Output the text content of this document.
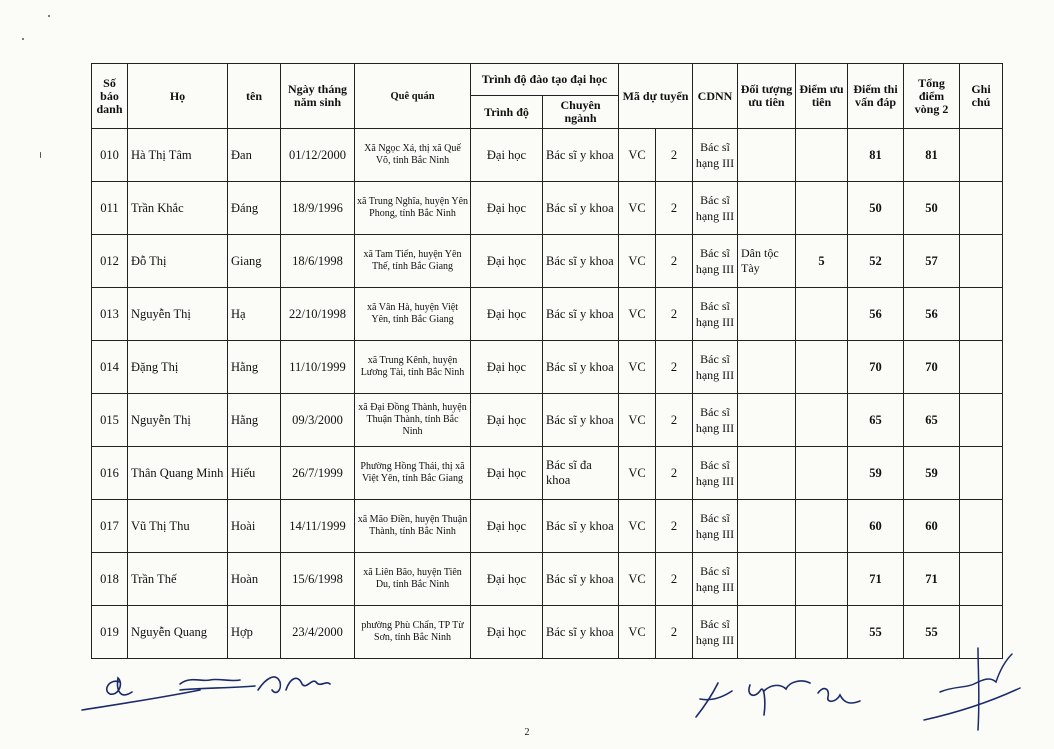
Số báo danh	Họ	tên	Ngày tháng năm sinh	Quê quán	Trình độ đào tạo đại học		Mã dự tuyển		CDNN	Đối tượng ưu tiên	Điểm ưu tiên	Điểm thi vấn đáp	Tổng điểm vòng 2	Ghi chú
					Trình độ	Chuyên ngành								
010	Hà Thị Tâm	Đan	01/12/2000	Xã Ngọc Xá, thị xã Quế Võ, tỉnh Bắc Ninh	Đại học	Bác sĩ y khoa	VC	2	Bác sĩ hạng III			81	81	
011	Trần Khắc	Đáng	18/9/1996	xã Trung Nghĩa, huyện Yên Phong, tỉnh Bắc Ninh	Đại học	Bác sĩ y khoa	VC	2	Bác sĩ hạng III			50	50	
012	Đỗ Thị	Giang	18/6/1998	xã Tam Tiến, huyện Yên Thế, tỉnh Bắc Giang	Đại học	Bác sĩ y khoa	VC	2	Bác sĩ hạng III	Dân tộc Tày	5	52	57	
013	Nguyễn Thị	Hạ	22/10/1998	xã Vân Hà, huyện Việt Yên, tỉnh Bắc Giang	Đại học	Bác sĩ y khoa	VC	2	Bác sĩ hạng III			56	56	
014	Đặng Thị	Hằng	11/10/1999	xã Trung Kênh, huyện Lương Tài, tỉnh Bắc Ninh	Đại học	Bác sĩ y khoa	VC	2	Bác sĩ hạng III			70	70	
015	Nguyễn Thị	Hằng	09/3/2000	xã Đại Đồng Thành, huyện Thuận Thành, tỉnh Bắc Ninh	Đại học	Bác sĩ y khoa	VC	2	Bác sĩ hạng III			65	65	
016	Thân Quang Minh	Hiếu	26/7/1999	Phường Hồng Thái, thị xã Việt Yên, tỉnh Bắc Giang	Đại học	Bác sĩ đa khoa	VC	2	Bác sĩ hạng III			59	59	
017	Vũ Thị Thu	Hoài	14/11/1999	xã Mão Điền, huyện Thuận Thành, tỉnh Bắc Ninh	Đại học	Bác sĩ y khoa	VC	2	Bác sĩ hạng III			60	60	
018	Trần Thế	Hoàn	15/6/1998	xã Liên Bão, huyện Tiên Du, tỉnh Bắc Ninh	Đại học	Bác sĩ y khoa	VC	2	Bác sĩ hạng III			71	71	
019	Nguyễn Quang	Hợp	23/4/2000	phường Phù Chẩn, TP Từ Sơn, tỉnh Bắc Ninh	Đại học	Bác sĩ y khoa	VC	2	Bác sĩ hạng III			55	55	
2
